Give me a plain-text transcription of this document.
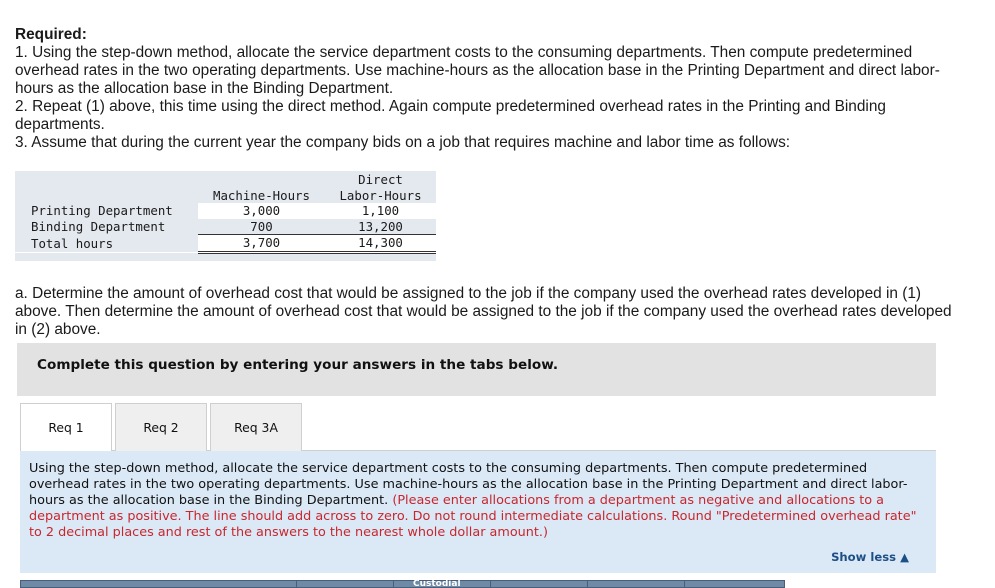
Required:

1. Using the step-down method, allocate the service department costs to the consuming departments. Then compute predetermined overhead rates in the two operating departments. Use machine-hours as the allocation base in the Printing Department and direct labor-hours as the allocation base in the Binding Department.

2. Repeat (1) above, this time using the direct method. Again compute predetermined overhead rates in the Printing and Binding departments.

3. Assume that during the current year the company bids on a job that requires machine and labor time as follows:

	Machine-Hours	Direct
Labor-Hours

Printing Department	3,000	1,100
Binding Department	700	13,200
Total hours	3,700	14,300

a. Determine the amount of overhead cost that would be assigned to the job if the company used the overhead rates developed in (1) above. Then determine the amount of overhead cost that would be assigned to the job if the company used the overhead rates developed in (2) above.

Complete this question by entering your answers in the tabs below.
Req 1	Req 2	Req 3A
Using the step-down method, allocate the service department costs to the consuming departments. Then compute predetermined overhead rates in the two operating departments. Use machine-hours as the allocation base in the Printing Department and direct labor-hours as the allocation base in the Binding Department. (Please enter allocations from a department as negative and allocations to a department as positive. The line should add across to zero. Do not round intermediate calculations. Round "Predetermined overhead rate" to 2 decimal places and rest of the answers to the nearest whole dollar amount.)
Show less ▲
Custodial
